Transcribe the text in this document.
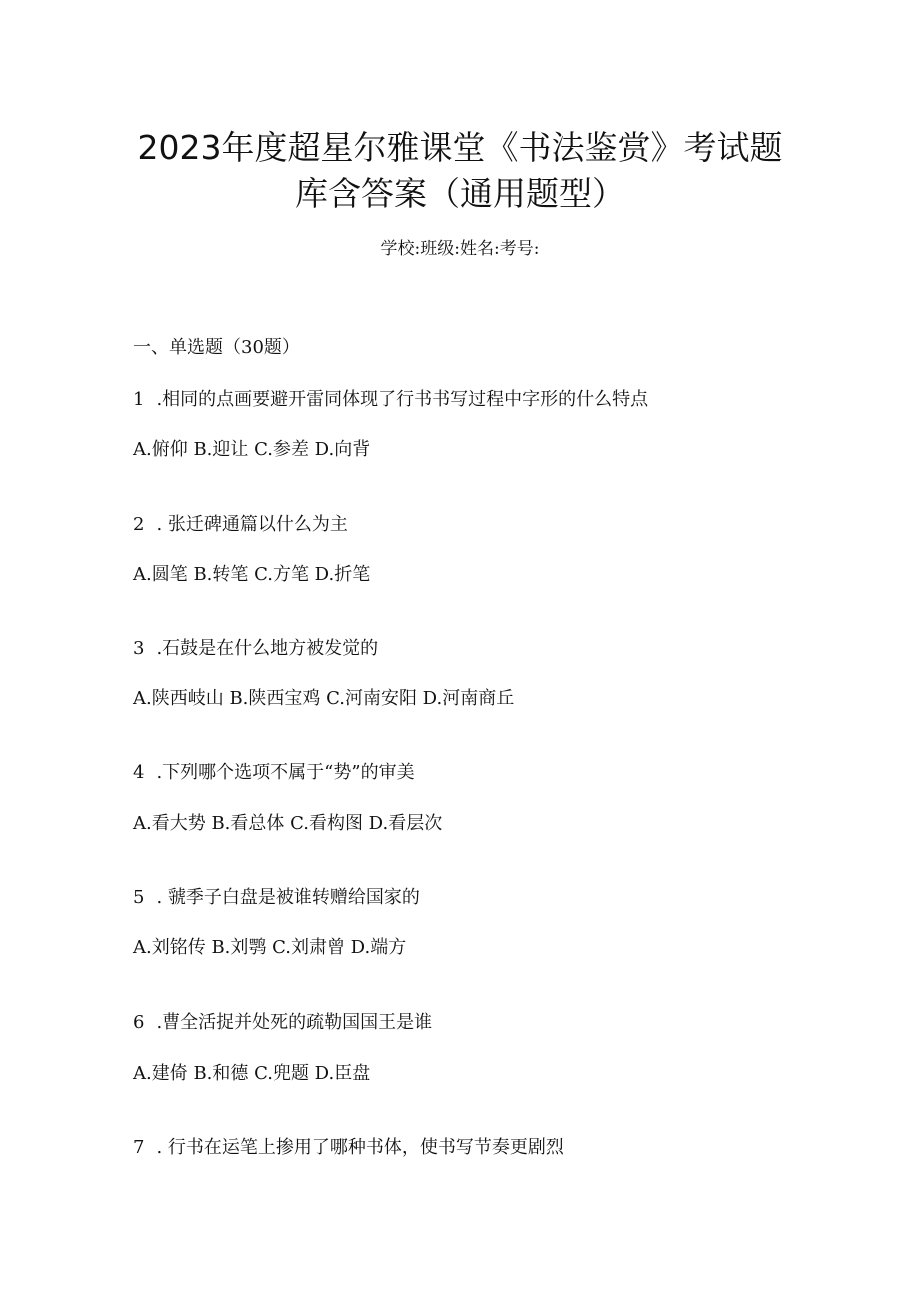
2023年度超星尔雅课堂《书法鉴赏》考试题
库含答案（通用题型）
学校:班级:姓名:考号:
一、单选题（30题）
1 .相同的点画要避开雷同体现了行书书写过程中字形的什么特点
A.俯仰 B.迎让 C.参差 D.向背
2 . 张迁碑通篇以什么为主
A.圆笔 B.转笔 C.方笔 D.折笔
3 .石鼓是在什么地方被发觉的
A.陕西岐山 B.陕西宝鸡 C.河南安阳 D.河南商丘
4 .下列哪个选项不属于“势”的审美
A.看大势 B.看总体 C.看构图 D.看层次
5 . 虢季子白盘是被谁转赠给国家的
A.刘铭传 B.刘鹗 C.刘肃曾 D.端方
6 .曹全活捉并处死的疏勒国国王是谁
A.建倚 B.和德 C.兜题 D.臣盘
7 . 行书在运笔上掺用了哪种书体，使书写节奏更剧烈
